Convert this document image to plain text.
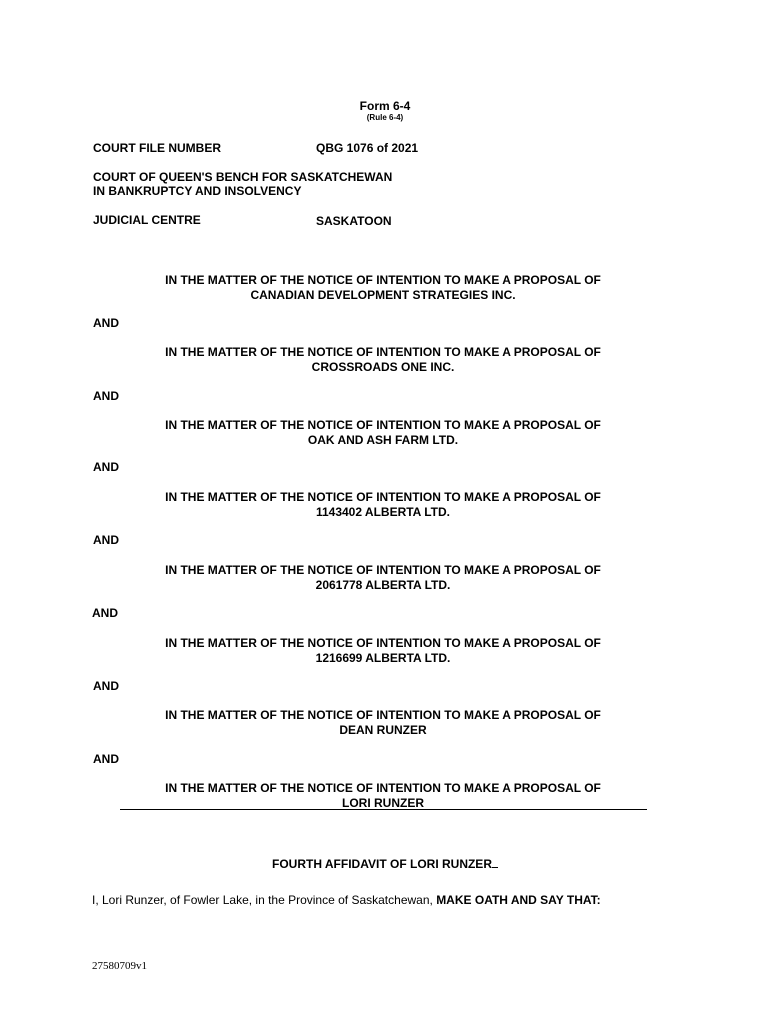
Form 6-4
(Rule 6-4)
COURT FILE NUMBER	QBG 1076 of 2021
COURT OF QUEEN'S BENCH FOR SASKATCHEWAN
IN BANKRUPTCY AND INSOLVENCY
JUDICIAL CENTRE	SASKATOON
IN THE MATTER OF THE NOTICE OF INTENTION TO MAKE A PROPOSAL OF
CANADIAN DEVELOPMENT STRATEGIES INC.
AND
IN THE MATTER OF THE NOTICE OF INTENTION TO MAKE A PROPOSAL OF
CROSSROADS ONE INC.
AND
IN THE MATTER OF THE NOTICE OF INTENTION TO MAKE A PROPOSAL OF
OAK AND ASH FARM LTD.
AND
IN THE MATTER OF THE NOTICE OF INTENTION TO MAKE A PROPOSAL OF
1143402 ALBERTA LTD.
AND
IN THE MATTER OF THE NOTICE OF INTENTION TO MAKE A PROPOSAL OF
2061778 ALBERTA LTD.
AND
IN THE MATTER OF THE NOTICE OF INTENTION TO MAKE A PROPOSAL OF
1216699 ALBERTA LTD.
AND
IN THE MATTER OF THE NOTICE OF INTENTION TO MAKE A PROPOSAL OF
DEAN RUNZER
AND
IN THE MATTER OF THE NOTICE OF INTENTION TO MAKE A PROPOSAL OF
LORI RUNZER
FOURTH AFFIDAVIT OF LORI RUNZER
I, Lori Runzer, of Fowler Lake, in the Province of Saskatchewan, MAKE OATH AND SAY THAT:
27580709v1
